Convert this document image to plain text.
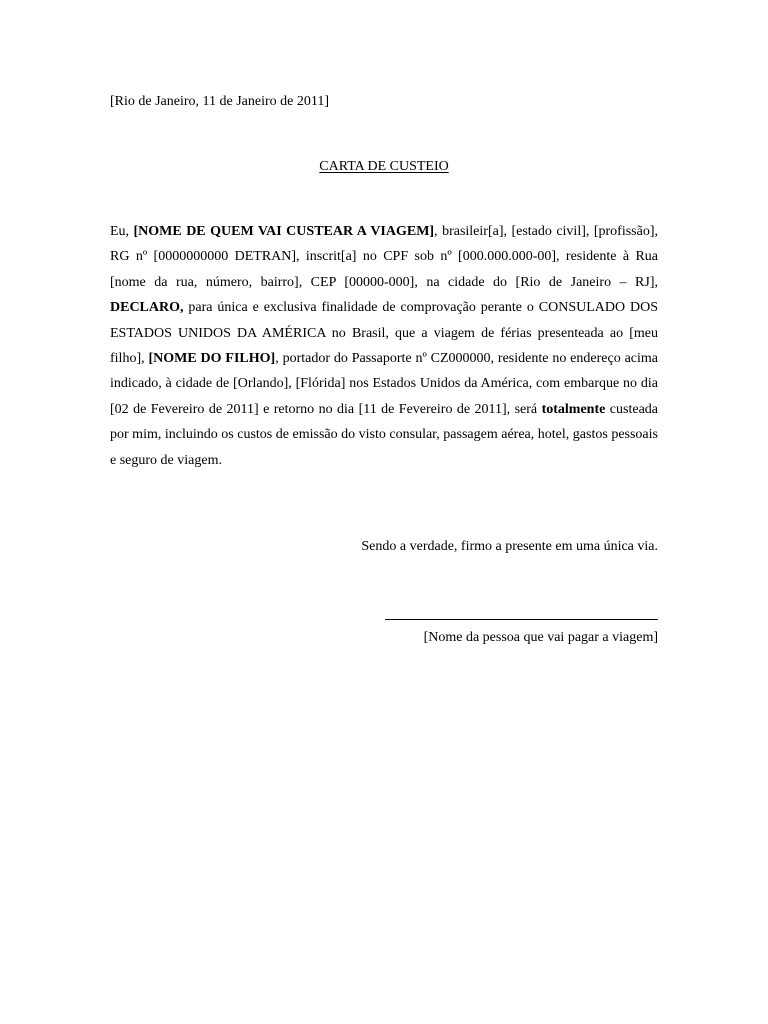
[Rio de Janeiro, 11 de Janeiro de 2011]
CARTA DE CUSTEIO

Eu, [NOME DE QUEM VAI CUSTEAR A VIAGEM], brasileir[a], [estado civil], [profissão], RG nº [0000000000 DETRAN], inscrit[a] no CPF sob nº [000.000.000-00], residente à Rua [nome da rua, número, bairro], CEP [00000-000], na cidade do [Rio de Janeiro – RJ], DECLARO, para única e exclusiva finalidade de comprovação perante o CONSULADO DOS ESTADOS UNIDOS DA AMÉRICA no Brasil, que a viagem de férias presenteada ao [meu filho], [NOME DO FILHO], portador do Passaporte nº CZ000000, residente no endereço acima indicado, à cidade de [Orlando], [Flórida] nos Estados Unidos da América, com embarque no dia [02 de Fevereiro de 2011] e retorno no dia [11 de Fevereiro de 2011], será totalmente custeada por mim, incluindo os custos de emissão do visto consular, passagem aérea, hotel, gastos pessoais e seguro de viagem.

Sendo a verdade, firmo a presente em uma única via.
[Nome da pessoa que vai pagar a viagem]
